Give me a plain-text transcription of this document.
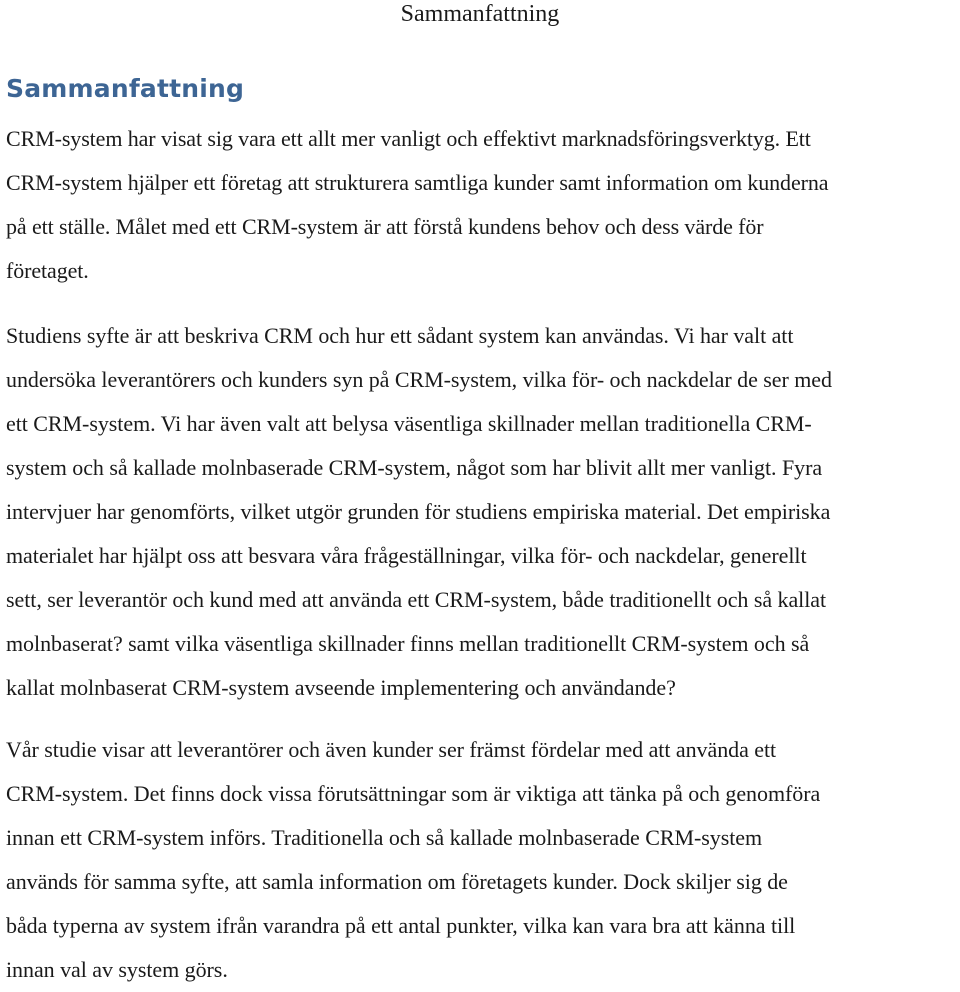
Sammanfattning
Sammanfattning

CRM-system har visat sig vara ett allt mer vanligt och effektivt marknadsföringsverktyg. Ett
CRM-system hjälper ett företag att strukturera samtliga kunder samt information om kunderna
på ett ställe. Målet med ett CRM-system är att förstå kundens behov och dess värde för
företaget.

Studiens syfte är att beskriva CRM och hur ett sådant system kan användas. Vi har valt att
undersöka leverantörers och kunders syn på CRM-system, vilka för- och nackdelar de ser med
ett CRM-system. Vi har även valt att belysa väsentliga skillnader mellan traditionella CRM-
system och så kallade molnbaserade CRM-system, något som har blivit allt mer vanligt. Fyra
intervjuer har genomförts, vilket utgör grunden för studiens empiriska material. Det empiriska
materialet har hjälpt oss att besvara våra frågeställningar, vilka för- och nackdelar, generellt
sett, ser leverantör och kund med att använda ett CRM-system, både traditionellt och så kallat
molnbaserat? samt vilka väsentliga skillnader finns mellan traditionellt CRM-system och så
kallat molnbaserat CRM-system avseende implementering och användande?

Vår studie visar att leverantörer och även kunder ser främst fördelar med att använda ett
CRM-system. Det finns dock vissa förutsättningar som är viktiga att tänka på och genomföra
innan ett CRM-system införs. Traditionella och så kallade molnbaserade CRM-system
används för samma syfte, att samla information om företagets kunder. Dock skiljer sig de
båda typerna av system ifrån varandra på ett antal punkter, vilka kan vara bra att känna till
innan val av system görs.
